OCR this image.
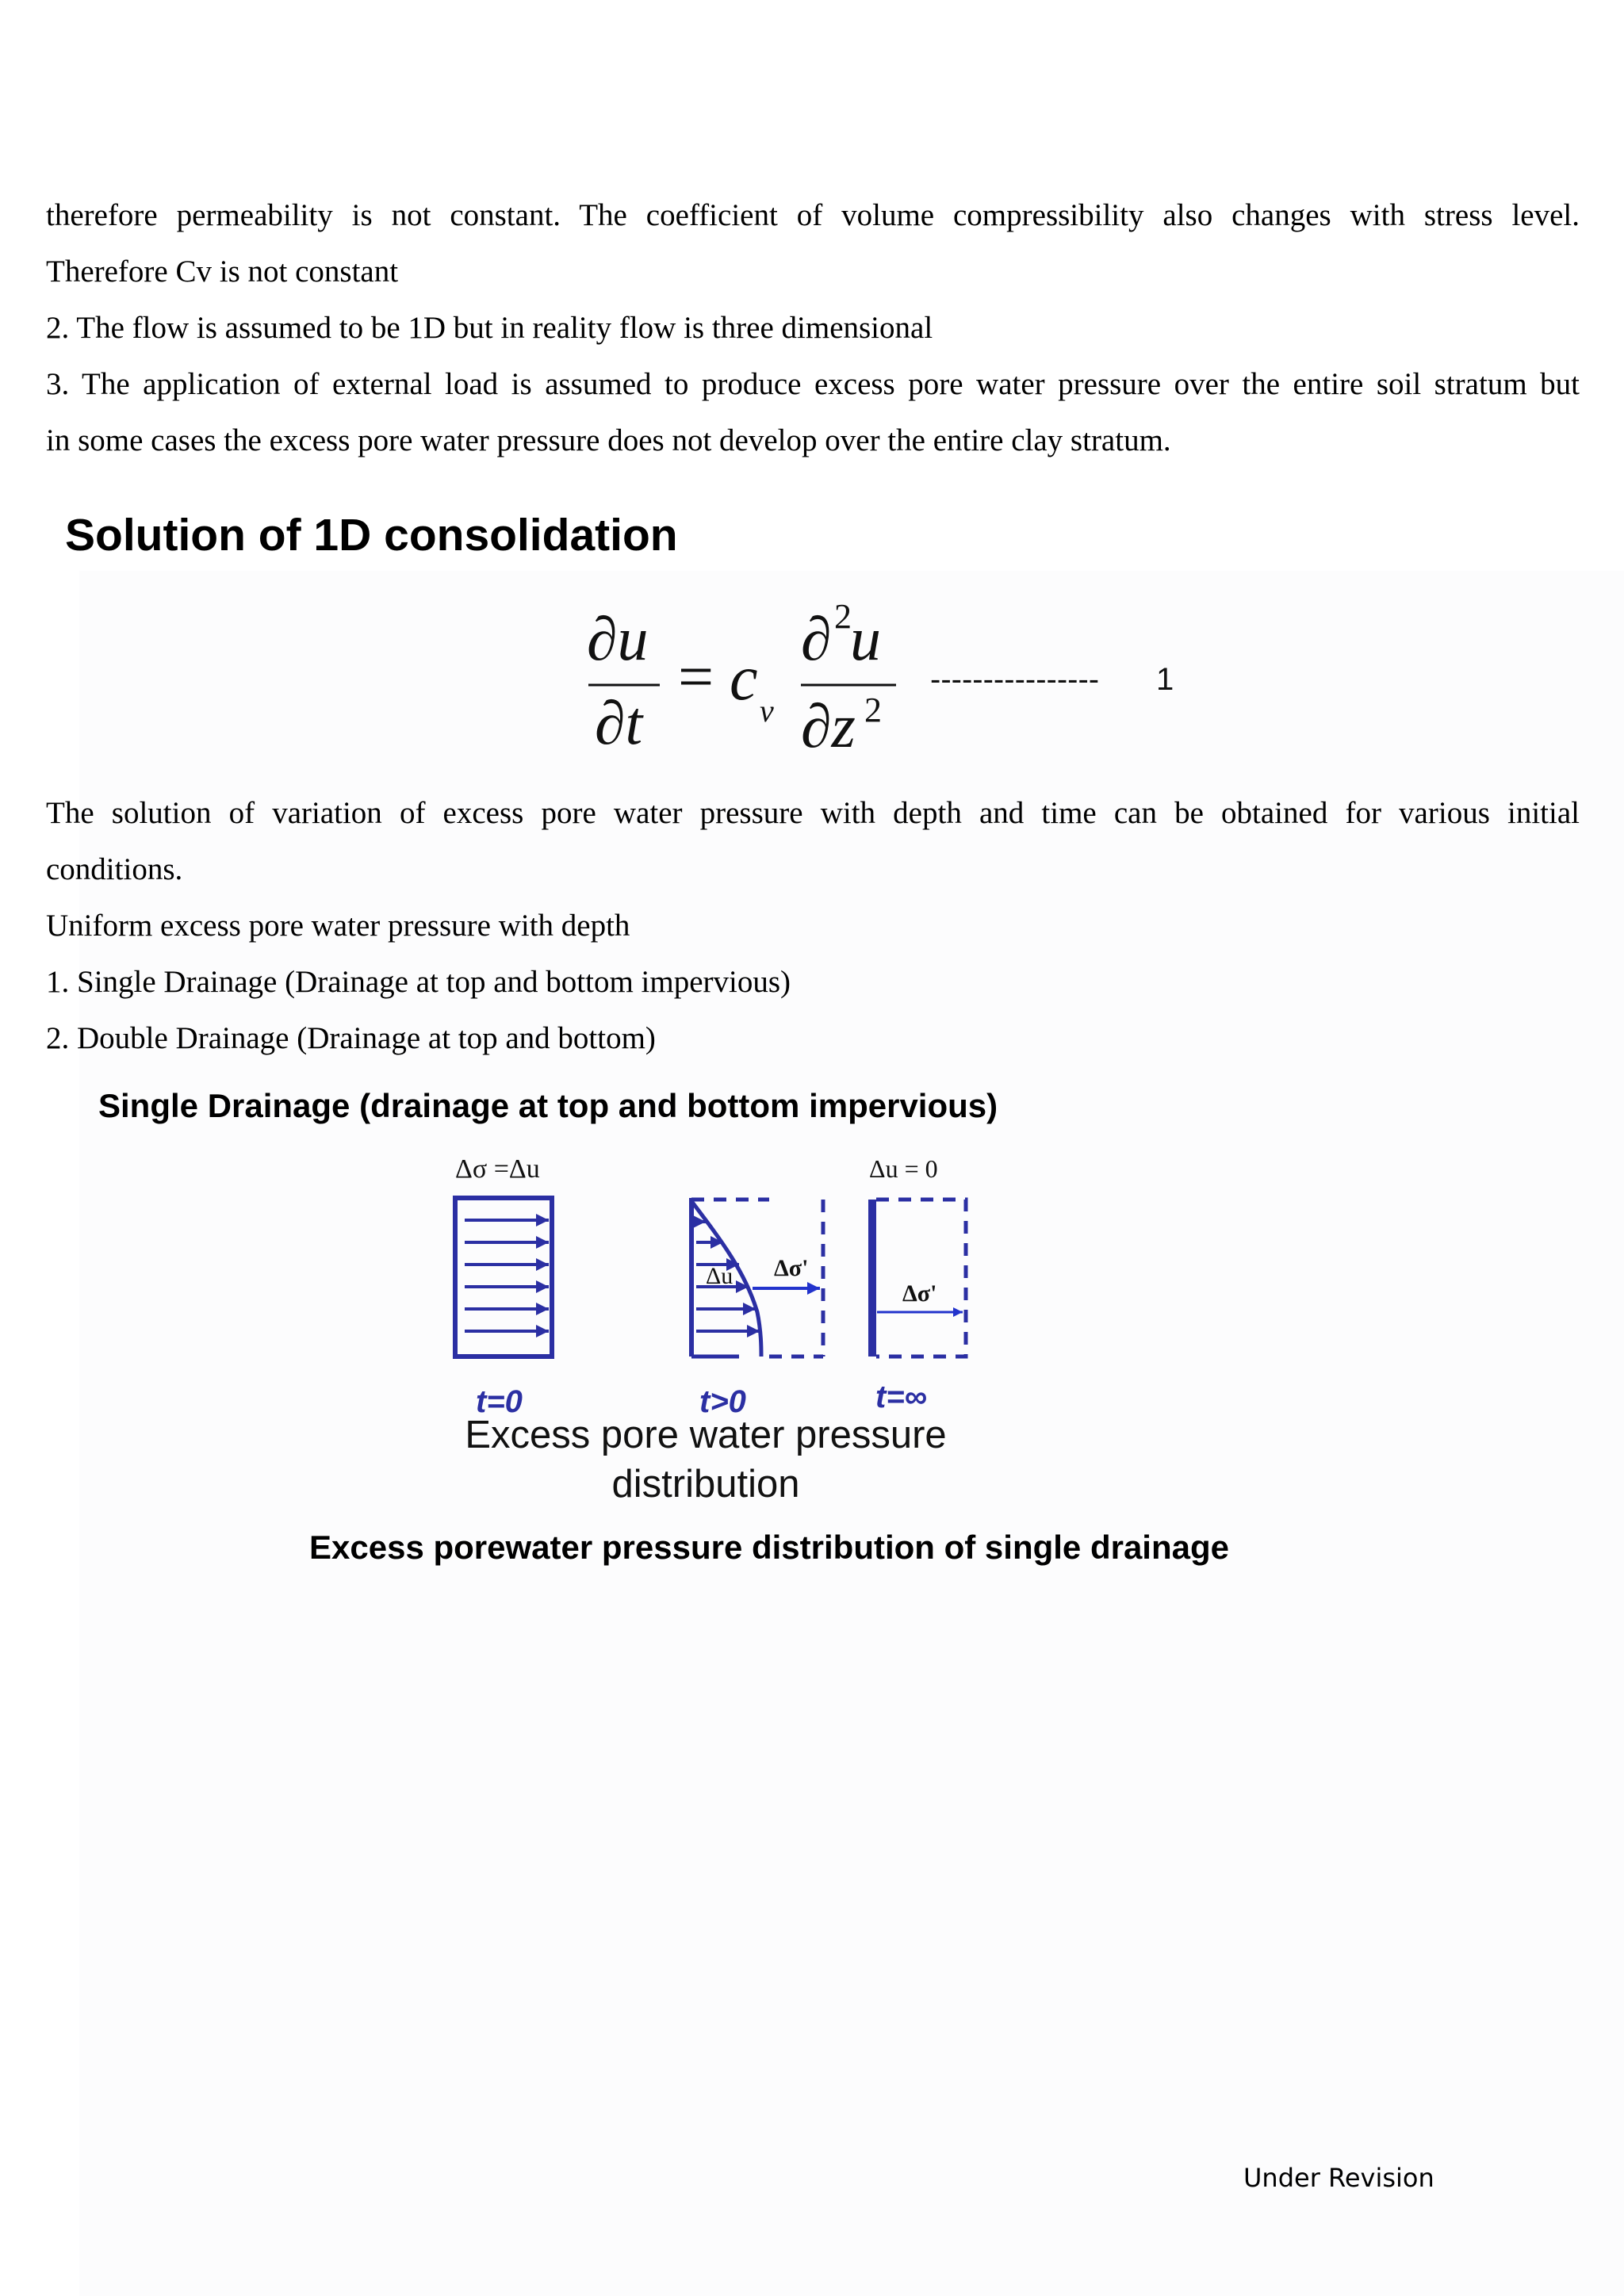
therefore permeability is not constant. The coefficient of volume compressibility also changes with stress level.

Therefore Cv is not constant

2. The flow is assumed to be 1D but in reality flow is three dimensional

3. The application of external load is assumed to produce excess pore water pressure over the entire soil stratum but

in some cases the excess pore water pressure does not develop over the entire clay stratum.

Solution of 1D consolidation
∂u
∂t
= c v
∂ 2
u
∂z 2
---------------- 1

The solution of variation of excess pore water pressure with depth and time can be obtained for various initial

conditions.

Uniform excess pore water pressure with depth

1. Single Drainage (Drainage at top and bottom impervious)

2. Double Drainage (Drainage at top and bottom)

Single Drainage (drainage at top and bottom impervious)
Δσ =Δu	Δu = 0
Δu Δσ'
Δσ'
t=0	t>0	t=∞
Excess pore water pressure
distribution
Excess porewater pressure distribution of single drainage
Under Revision
